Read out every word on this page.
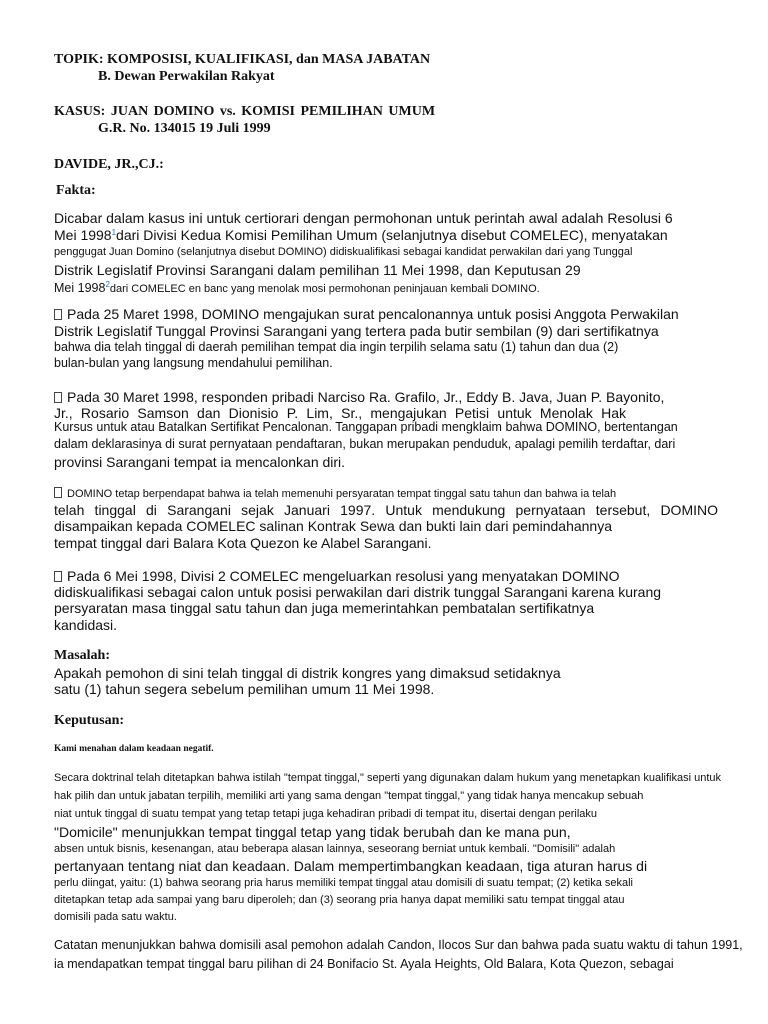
TOPIK: KOMPOSISI, KUALIFIKASI, dan MASA JABATAN
B. Dewan Perwakilan Rakyat
KASUS: JUAN DOMINO vs. KOMISI PEMILIHAN UMUM
G.R. No. 134015 19 Juli 1999
DAVIDE, JR.,CJ.:
Fakta:
Dicabar dalam kasus ini untuk certiorari dengan permohonan untuk perintah awal adalah Resolusi 6
Mei 1998$^1$dari Divisi Kedua Komisi Pemilihan Umum (selanjutnya disebut COMELEC), menyatakan
penggugat Juan Domino (selanjutnya disebut DOMINO) didiskualifikasi sebagai kandidat perwakilan dari yang Tunggal
Distrik Legislatif Provinsi Sarangani dalam pemilihan 11 Mei 1998, dan Keputusan 29
Mei 1998$^2$dari COMELEC en banc yang menolak mosi permohonan peninjauan kembali DOMINO.
Pada 25 Maret 1998, DOMINO mengajukan surat pencalonannya untuk posisi Anggota Perwakilan
Distrik Legislatif Tunggal Provinsi Sarangani yang tertera pada butir sembilan (9) dari sertifikatnya
bahwa dia telah tinggal di daerah pemilihan tempat dia ingin terpilih selama satu (1) tahun dan dua (2)
bulan-bulan yang langsung mendahului pemilihan.
Pada 30 Maret 1998, responden pribadi Narciso Ra. Grafilo, Jr., Eddy B. Java, Juan P. Bayonito,
Jr., Rosario Samson dan Dionisio P. Lim, Sr., mengajukan Petisi untuk Menolak Hak
Kursus untuk atau Batalkan Sertifikat Pencalonan. Tanggapan pribadi mengklaim bahwa DOMINO, bertentangan
dalam deklarasinya di surat pernyataan pendaftaran, bukan merupakan penduduk, apalagi pemilih terdaftar, dari
provinsi Sarangani tempat ia mencalonkan diri.
DOMINO tetap berpendapat bahwa ia telah memenuhi persyaratan tempat tinggal satu tahun dan bahwa ia telah
telah tinggal di Sarangani sejak Januari 1997. Untuk mendukung pernyataan tersebut, DOMINO
disampaikan kepada COMELEC salinan Kontrak Sewa dan bukti lain dari pemindahannya
tempat tinggal dari Balara Kota Quezon ke Alabel Sarangani.
Pada 6 Mei 1998, Divisi 2 COMELEC mengeluarkan resolusi yang menyatakan DOMINO
didiskualifikasi sebagai calon untuk posisi perwakilan dari distrik tunggal Sarangani karena kurang
persyaratan masa tinggal satu tahun dan juga memerintahkan pembatalan sertifikatnya
kandidasi.
Masalah:
Apakah pemohon di sini telah tinggal di distrik kongres yang dimaksud setidaknya
satu (1) tahun segera sebelum pemilihan umum 11 Mei 1998.
Keputusan:
Kami menahan dalam keadaan negatif.
Secara doktrinal telah ditetapkan bahwa istilah "tempat tinggal," seperti yang digunakan dalam hukum yang menetapkan kualifikasi untuk
hak pilih dan untuk jabatan terpilih, memiliki arti yang sama dengan "tempat tinggal," yang tidak hanya mencakup sebuah
niat untuk tinggal di suatu tempat yang tetap tetapi juga kehadiran pribadi di tempat itu, disertai dengan perilaku
"Domicile" menunjukkan tempat tinggal tetap yang tidak berubah dan ke mana pun,
absen untuk bisnis, kesenangan, atau beberapa alasan lainnya, seseorang berniat untuk kembali. "Domisili" adalah
pertanyaan tentang niat dan keadaan. Dalam mempertimbangkan keadaan, tiga aturan harus di
perlu diingat, yaitu: (1) bahwa seorang pria harus memiliki tempat tinggal atau domisili di suatu tempat; (2) ketika sekali
ditetapkan tetap ada sampai yang baru diperoleh; dan (3) seorang pria hanya dapat memiliki satu tempat tinggal atau
domisili pada satu waktu.
Catatan menunjukkan bahwa domisili asal pemohon adalah Candon, Ilocos Sur dan bahwa pada suatu waktu di tahun 1991,
ia mendapatkan tempat tinggal baru pilihan di 24 Bonifacio St. Ayala Heights, Old Balara, Kota Quezon, sebagai
